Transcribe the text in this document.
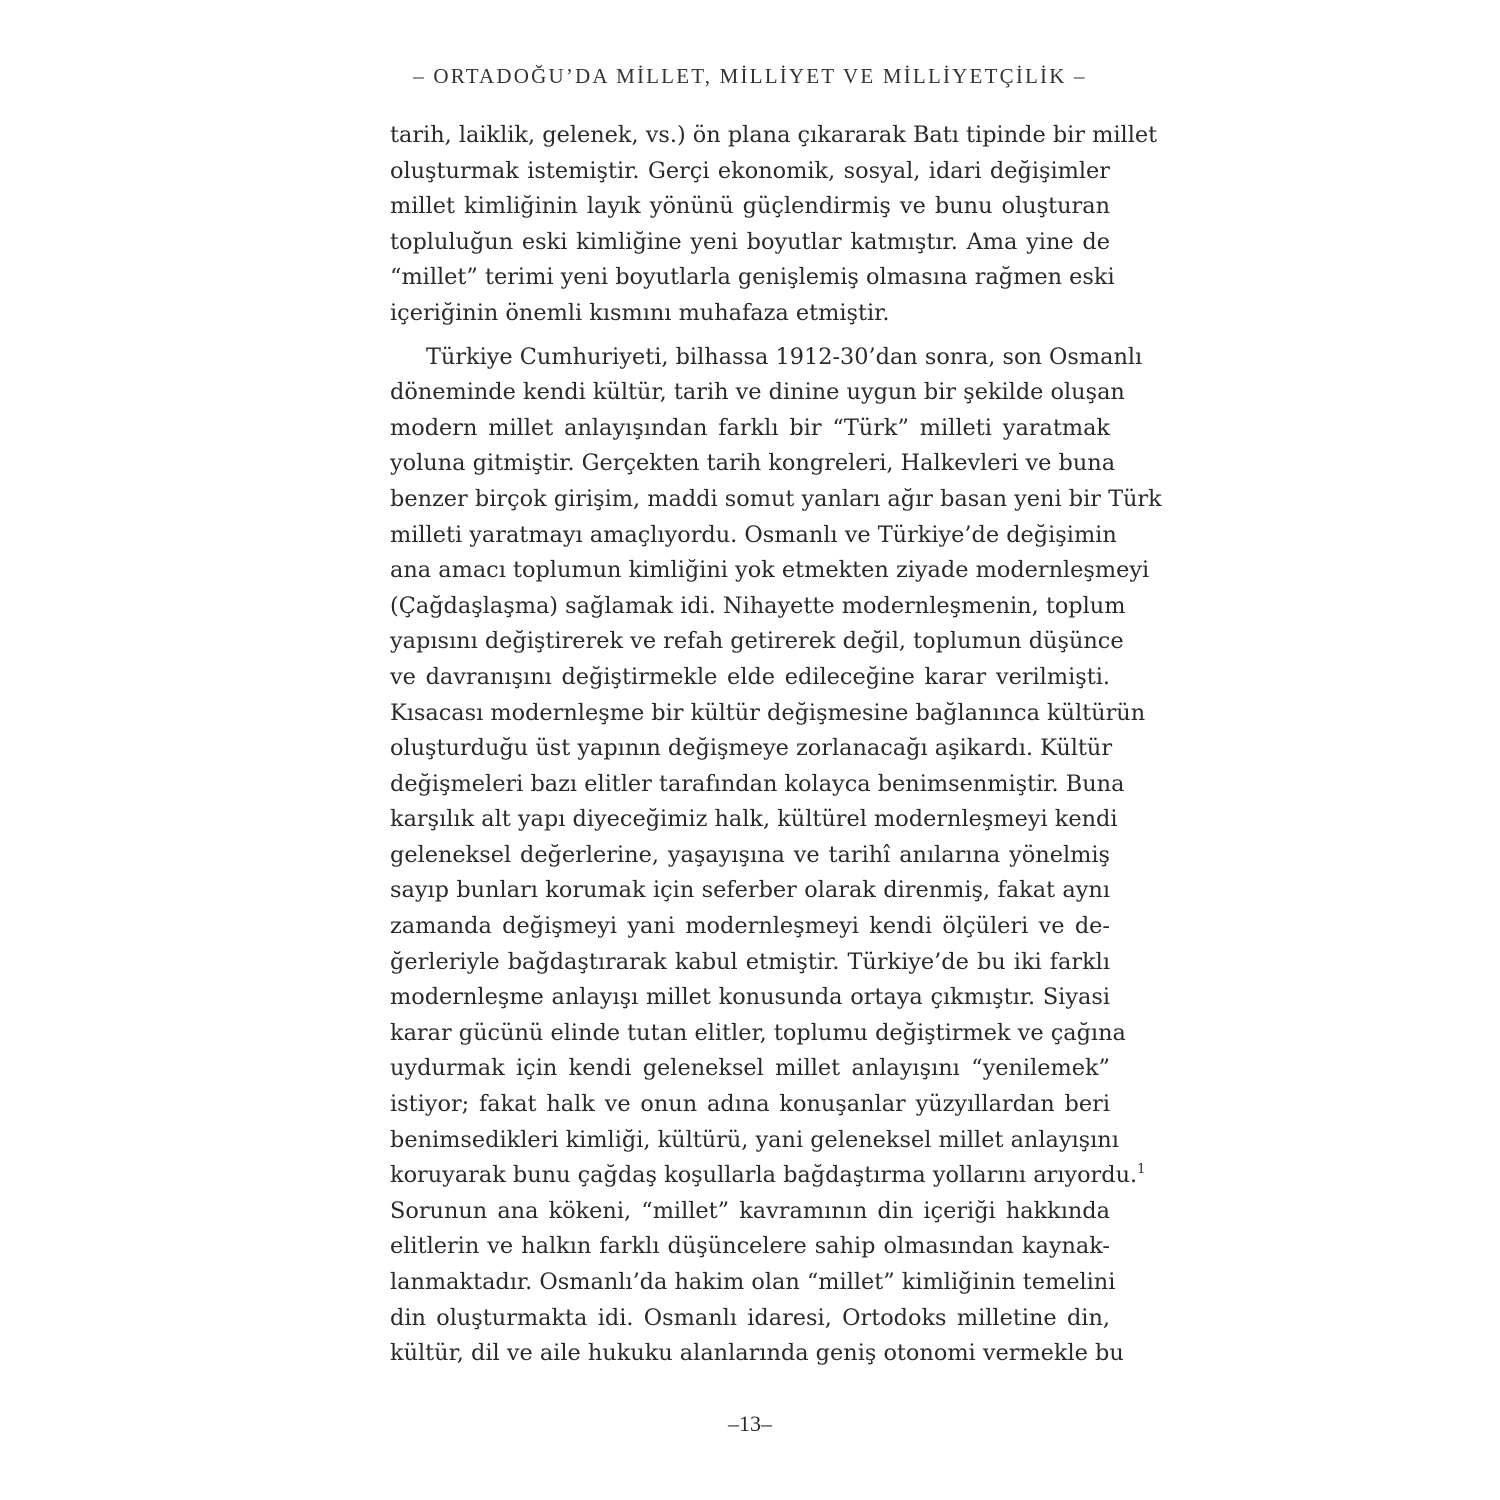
– ORTADOĞU’DA MİLLET, MİLLİYET VE MİLLİYETÇİLİK –
tarih, laiklik, gelenek, vs.) ön plana çıkararak Batı tipinde bir millet
oluşturmak istemiştir. Gerçi ekonomik, sosyal, idari değişimler
millet kimliğinin layık yönünü güçlendirmiş ve bunu oluşturan
topluluğun eski kimliğine yeni boyutlar katmıştır. Ama yine de
“millet” terimi yeni boyutlarla genişlemiş olmasına rağmen eski
içeriğinin önemli kısmını muhafaza etmiştir.
Türkiye Cumhuriyeti, bilhassa 1912-30’dan sonra, son Osmanlı
döneminde kendi kültür, tarih ve dinine uygun bir şekilde oluşan
modern millet anlayışından farklı bir “Türk” milleti yaratmak
yoluna gitmiştir. Gerçekten tarih kongreleri, Halkevleri ve buna
benzer birçok girişim, maddi somut yanları ağır basan yeni bir Türk
milleti yaratmayı amaçlıyordu. Osmanlı ve Türkiye’de değişimin
ana amacı toplumun kimliğini yok etmekten ziyade modernleşmeyi
(Çağdaşlaşma) sağlamak idi. Nihayette modernleşmenin, toplum
yapısını değiştirerek ve refah getirerek değil, toplumun düşünce
ve davranışını değiştirmekle elde edileceğine karar verilmişti.
Kısacası modernleşme bir kültür değişmesine bağlanınca kültürün
oluşturduğu üst yapının değişmeye zorlanacağı aşikardı. Kültür
değişmeleri bazı elitler tarafından kolayca benimsenmiştir. Buna
karşılık alt yapı diyeceğimiz halk, kültürel modernleşmeyi kendi
geleneksel değerlerine, yaşayışına ve tarihî anılarına yönelmiş
sayıp bunları korumak için seferber olarak direnmiş, fakat aynı
zamanda değişmeyi yani modernleşmeyi kendi ölçüleri ve de-
ğerleriyle bağdaştırarak kabul etmiştir. Türkiye’de bu iki farklı
modernleşme anlayışı millet konusunda ortaya çıkmıştır. Siyasi
karar gücünü elinde tutan elitler, toplumu değiştirmek ve çağına
uydurmak için kendi geleneksel millet anlayışını “yenilemek”
istiyor; fakat halk ve onun adına konuşanlar yüzyıllardan beri
benimsedikleri kimliği, kültürü, yani geleneksel millet anlayışını
koruyarak bunu çağdaş koşullarla bağdaştırma yollarını arıyordu.$^1$
Sorunun ana kökeni, “millet” kavramının din içeriği hakkında
elitlerin ve halkın farklı düşüncelere sahip olmasından kaynak-
lanmaktadır. Osmanlı’da hakim olan “millet” kimliğinin temelini
din oluşturmakta idi. Osmanlı idaresi, Ortodoks milletine din,
kültür, dil ve aile hukuku alanlarında geniş otonomi vermekle bu
–13–
